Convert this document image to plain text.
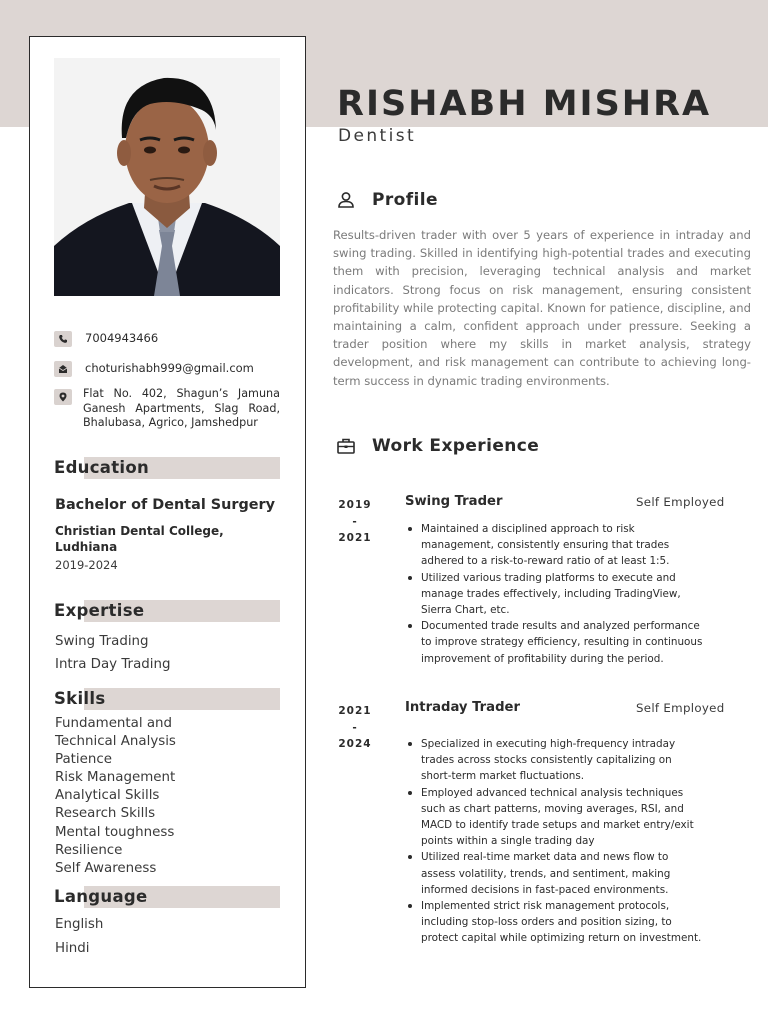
7004943466
choturishabh999@gmail.com
Flat No. 402, Shagun’s Jamuna Ganesh Apartments, Slag Road, Bhalubasa, Agrico, Jamshedpur
Education
Bachelor of Dental Surgery
Christian Dental College, Ludhiana
2019-2024
Expertise
Swing Trading
Intra Day Trading
Skills
Fundamental and
Technical Analysis
Patience
Risk Management
Analytical Skills
Research Skills
Mental toughness
Resilience
Self Awareness
Language
English
Hindi
RISHABH MISHRA
Dentist
Profile
Results-driven trader with over 5 years of experience in intraday and swing trading. Skilled in identifying high-potential trades and executing them with precision, leveraging technical analysis and market indicators. Strong focus on risk management, ensuring consistent profitability while protecting capital. Known for patience, discipline, and maintaining a calm, confident approach under pressure. Seeking a trader position where my skills in market analysis, strategy development, and risk management can contribute to achieving long-term success in dynamic trading environments.
Work Experience
2019
-
2021
Swing Trader	Self Employed
Maintained a disciplined approach to risk management, consistently ensuring that trades adhered to a risk-to-reward ratio of at least 1:5.
Utilized various trading platforms to execute and manage trades effectively, including TradingView, Sierra Chart, etc.
Documented trade results and analyzed performance to improve strategy efficiency, resulting in continuous improvement of profitability during the period.
2021
-
2024
Intraday Trader	Self Employed
Specialized in executing high-frequency intraday trades across stocks consistently capitalizing on short-term market fluctuations.
Employed advanced technical analysis techniques such as chart patterns, moving averages, RSI, and MACD to identify trade setups and market entry/exit points within a single trading day
Utilized real-time market data and news flow to assess volatility, trends, and sentiment, making informed decisions in fast-paced environments.
Implemented strict risk management protocols, including stop-loss orders and position sizing, to protect capital while optimizing return on investment.
